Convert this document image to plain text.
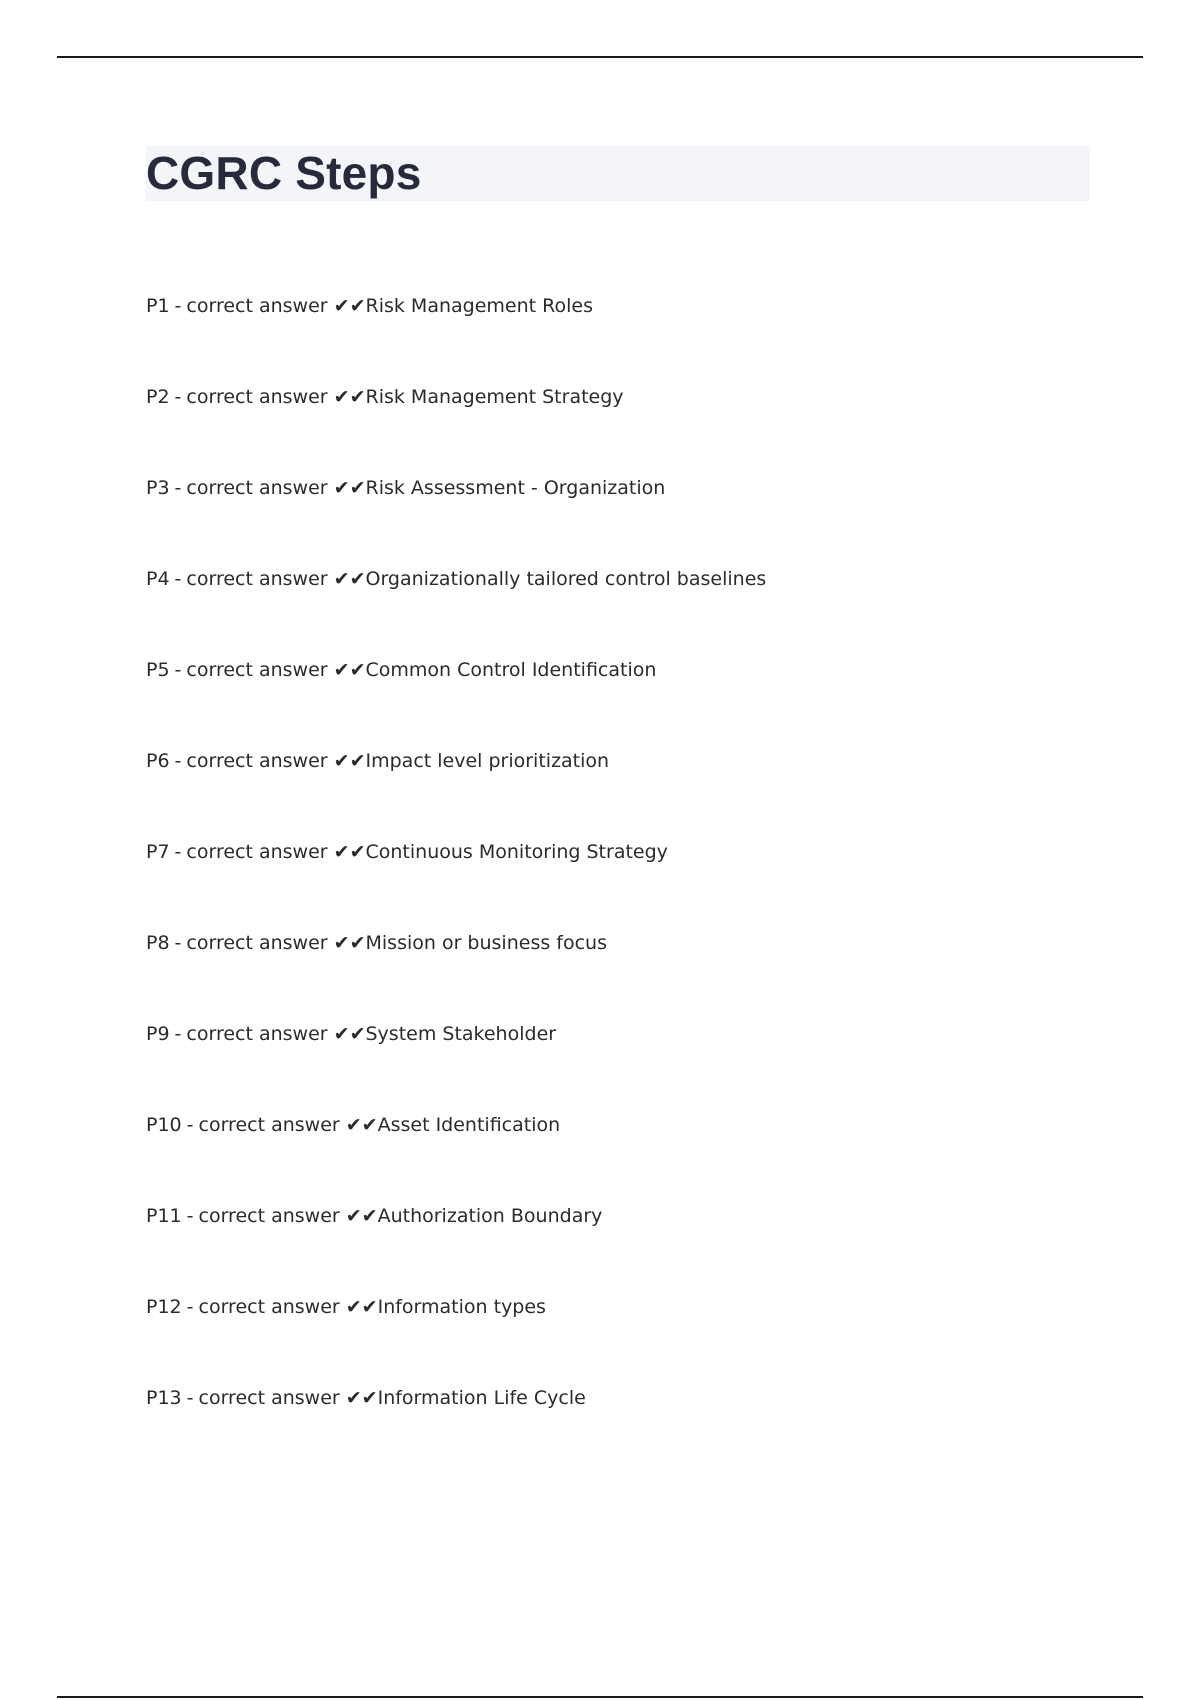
CGRC Steps
P1 - correct answer ✔✔Risk Management Roles
P2 - correct answer ✔✔Risk Management Strategy
P3 - correct answer ✔✔Risk Assessment - Organization
P4 - correct answer ✔✔Organizationally tailored control baselines
P5 - correct answer ✔✔Common Control Identification
P6 - correct answer ✔✔Impact level prioritization
P7 - correct answer ✔✔Continuous Monitoring Strategy
P8 - correct answer ✔✔Mission or business focus
P9 - correct answer ✔✔System Stakeholder
P10 - correct answer ✔✔Asset Identification
P11 - correct answer ✔✔Authorization Boundary
P12 - correct answer ✔✔Information types
P13 - correct answer ✔✔Information Life Cycle
